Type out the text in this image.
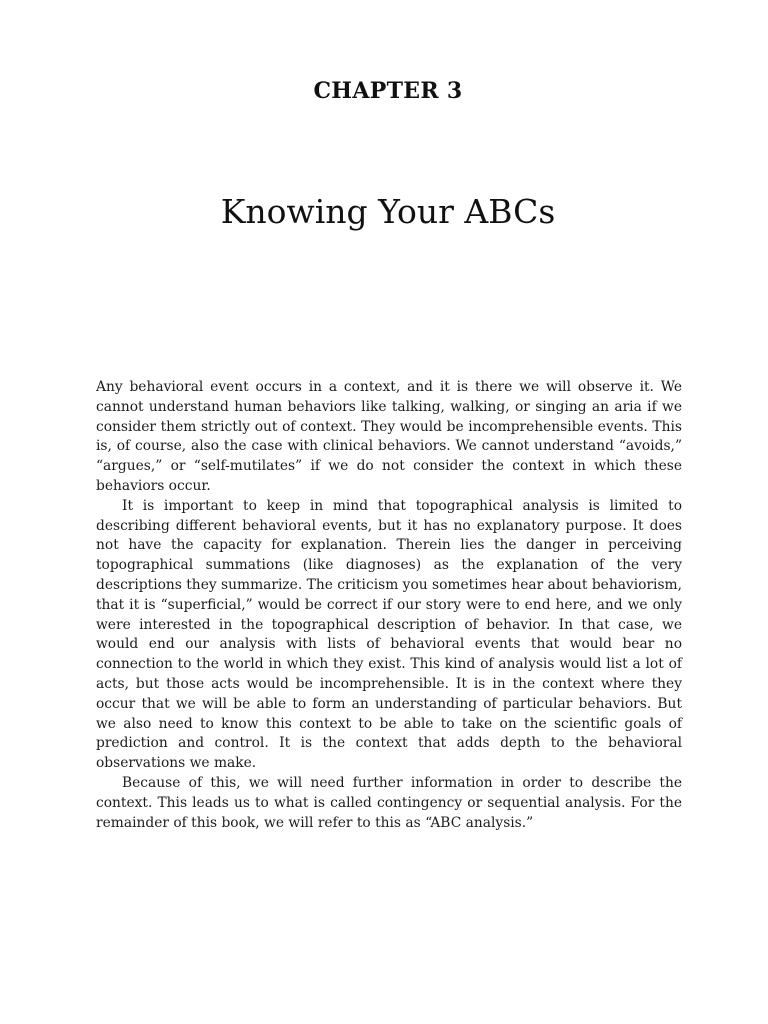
CHAPTER 3
Knowing Your ABCs

Any behavioral event occurs in a context, and it is there we will observe it. We cannot understand human behaviors like talking, walking, or singing an aria if we consider them strictly out of context. They would be incomprehensible events. This is, of course, also the case with clinical behaviors. We cannot understand “avoids,” “argues,” or “self-mutilates” if we do not consider the context in which these behaviors occur.

It is important to keep in mind that topographical analysis is limited to describing different behavioral events, but it has no explanatory purpose. It does not have the capacity for explanation. Therein lies the danger in perceiving topographical summations (like diagnoses) as the explanation of the very descriptions they summarize. The criticism you sometimes hear about behaviorism, that it is “superficial,” would be correct if our story were to end here, and we only were interested in the topographical description of behavior. In that case, we would end our analysis with lists of behavioral events that would bear no connection to the world in which they exist. This kind of analysis would list a lot of acts, but those acts would be incomprehensible. It is in the context where they occur that we will be able to form an understanding of particular behaviors. But we also need to know this context to be able to take on the scientific goals of prediction and control. It is the context that adds depth to the behavioral observations we make.

Because of this, we will need further information in order to describe the context. This leads us to what is called contingency or sequential analysis. For the remainder of this book, we will refer to this as “ABC analysis.”
